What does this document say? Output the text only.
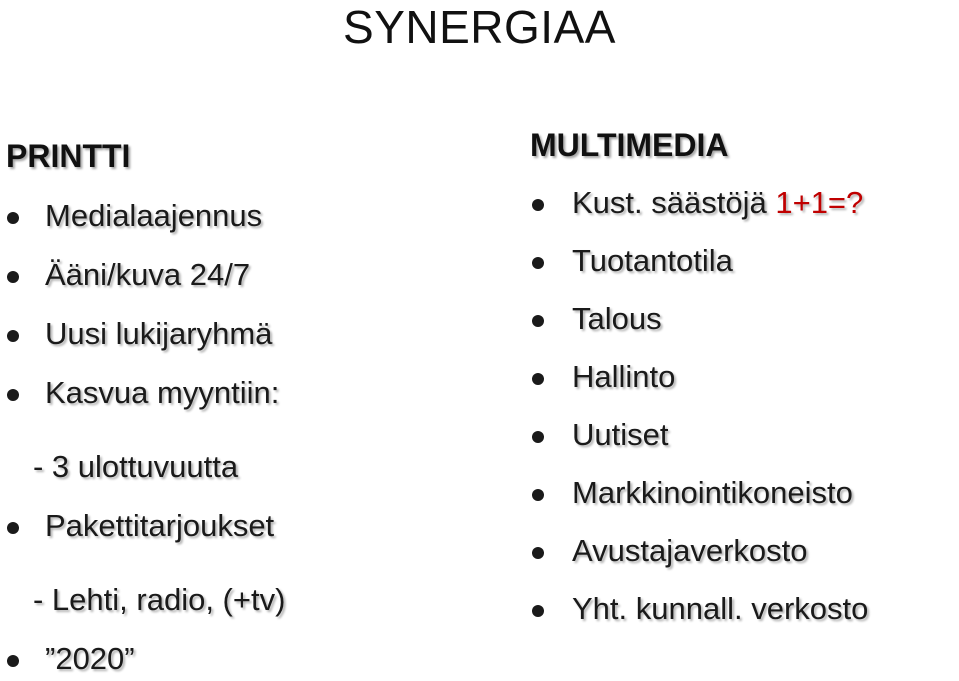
SYNERGIAA
PRINTTI
Medialaajennus
Ääni/kuva 24/7
Uusi lukijaryhmä
Kasvua myyntiin:
- 3 ulottuvuutta
Pakettitarjoukset
- Lehti, radio, (+tv)
”2020”
MULTIMEDIA
Kust. säästöjä 1+1=?
Tuotantotila
Talous
Hallinto
Uutiset
Markkinointikoneisto
Avustajaverkosto
Yht. kunnall. verkosto
